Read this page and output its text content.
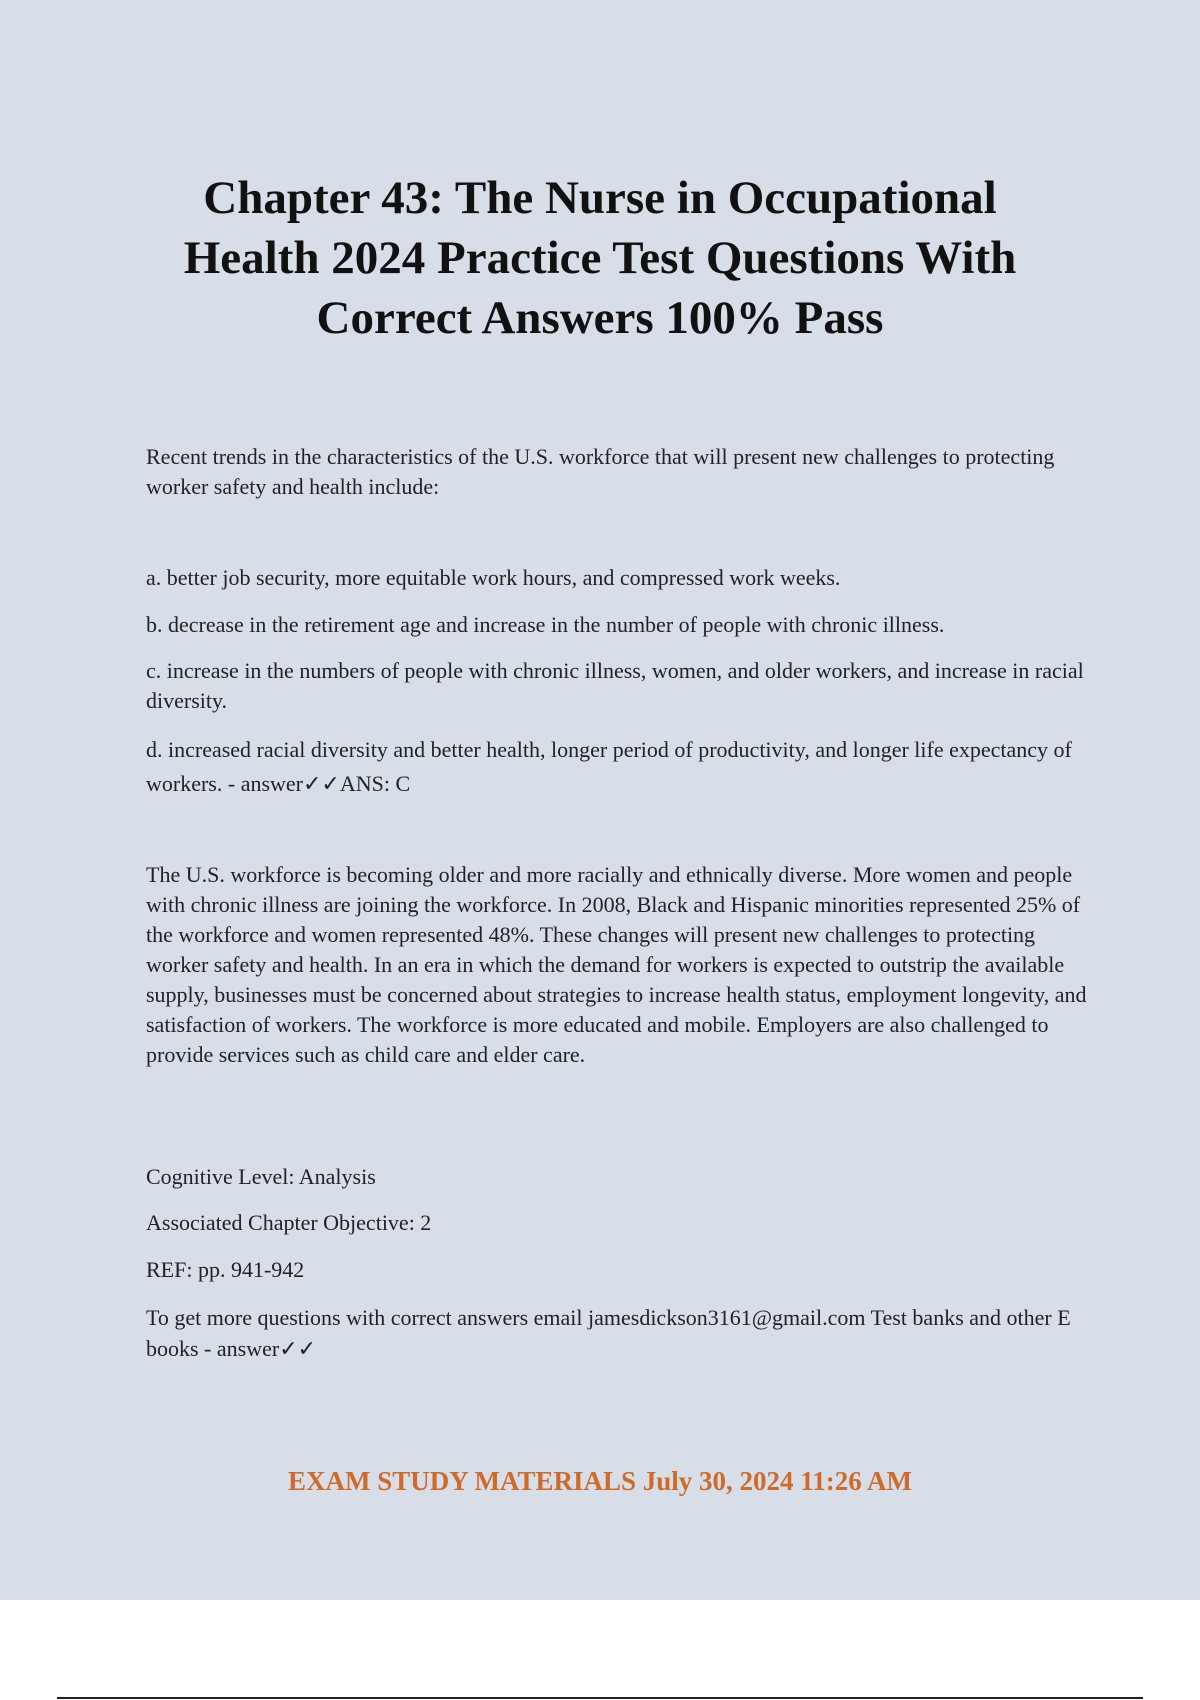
Chapter 43: The Nurse in Occupational Health 2024 Practice Test Questions With Correct Answers 100% Pass

Recent trends in the characteristics of the U.S. workforce that will present new challenges to protecting worker safety and health include:

a. better job security, more equitable work hours, and compressed work weeks.

b. decrease in the retirement age and increase in the number of people with chronic illness.

c. increase in the numbers of people with chronic illness, women, and older workers, and increase in racial diversity.

d. increased racial diversity and better health, longer period of productivity, and longer life expectancy of workers. - answer✓✓ANS: C

The U.S. workforce is becoming older and more racially and ethnically diverse. More women and people with chronic illness are joining the workforce. In 2008, Black and Hispanic minorities represented 25% of the workforce and women represented 48%. These changes will present new challenges to protecting worker safety and health. In an era in which the demand for workers is expected to outstrip the available supply, businesses must be concerned about strategies to increase health status, employment longevity, and satisfaction of workers. The workforce is more educated and mobile. Employers are also challenged to provide services such as child care and elder care.

Cognitive Level: Analysis

Associated Chapter Objective: 2

REF: pp. 941-942

To get more questions with correct answers email jamesdickson3161@gmail.com Test banks and other E books - answer✓✓

EXAM STUDY MATERIALS July 30, 2024 11:26 AM
